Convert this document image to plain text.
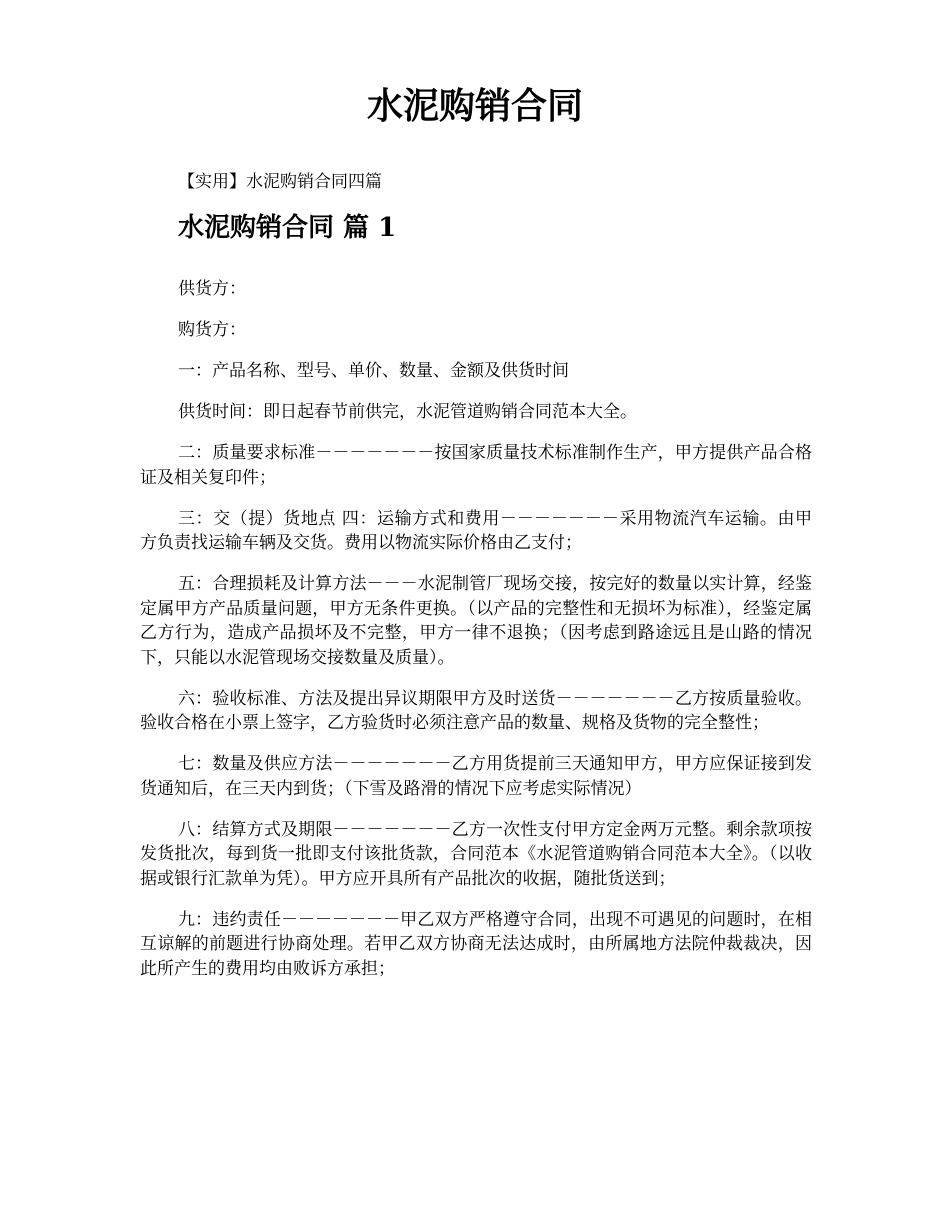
水泥购销合同

【实用】水泥购销合同四篇

水泥购销合同 篇 1

供货方：

购货方：

一：产品名称、型号、单价、数量、金额及供货时间

供货时间：即日起春节前供完，水泥管道购销合同范本大全。

二：质量要求标准－－－－－－－按国家质量技术标准制作生产，甲方提供产品合格证及相关复印件；

三：交（提）货地点 四：运输方式和费用－－－－－－－采用物流汽车运输。由甲方负责找运输车辆及交货。费用以物流实际价格由乙支付；

五：合理损耗及计算方法－－－水泥制管厂现场交接，按完好的数量以实计算，经鉴定属甲方产品质量问题，甲方无条件更换。（以产品的完整性和无损坏为标准），经鉴定属乙方行为，造成产品损坏及不完整，甲方一律不退换；（因考虑到路途远且是山路的情况下，只能以水泥管现场交接数量及质量）。

六：验收标准、方法及提出异议期限甲方及时送货－－－－－－－乙方按质量验收。验收合格在小票上签字，乙方验货时必须注意产品的数量、规格及货物的完全整性；

七：数量及供应方法－－－－－－－乙方用货提前三天通知甲方，甲方应保证接到发货通知后，在三天内到货；（下雪及路滑的情况下应考虑实际情况）

八：结算方式及期限－－－－－－－乙方一次性支付甲方定金两万元整。剩余款项按发货批次，每到货一批即支付该批货款，合同范本《水泥管道购销合同范本大全》。（以收据或银行汇款单为凭）。甲方应开具所有产品批次的收据，随批货送到；

九：违约责任－－－－－－－甲乙双方严格遵守合同，出现不可遇见的问题时，在相互谅解的前题进行协商处理。若甲乙双方协商无法达成时，由所属地方法院仲裁裁决，因此所产生的费用均由败诉方承担；
